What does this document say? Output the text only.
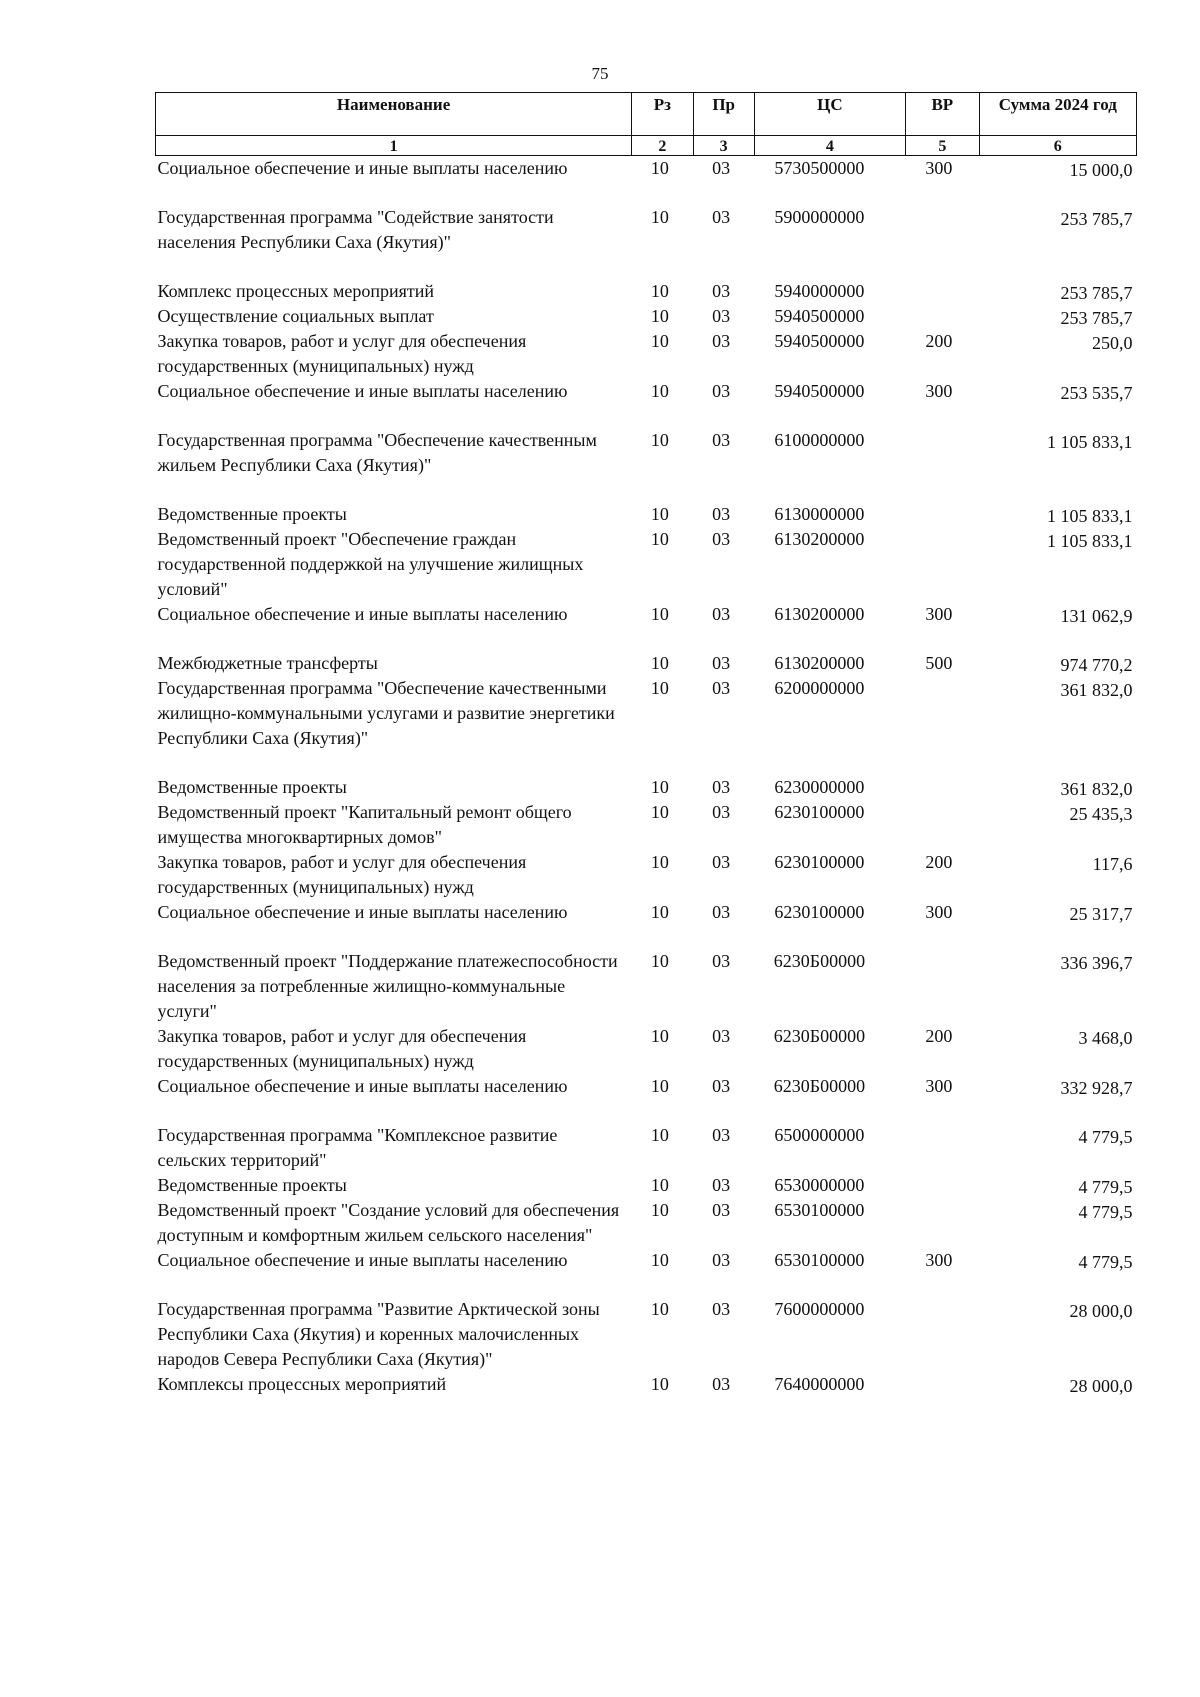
75
Наименование	Рз	Пр	ЦС	ВР	Сумма 2024 год
1	2	3	4	5	6
Социальное обеспечение и иные выплаты населению	10	03	5730500000	300	15 000,0
Государственная программа "Содействие занятости населения Республики Саха (Якутия)"	10	03	5900000000		253 785,7
Комплекс процессных мероприятий	10	03	5940000000		253 785,7
Осуществление социальных выплат	10	03	5940500000		253 785,7
Закупка товаров, работ и услуг для обеспечения государственных (муниципальных) нужд	10	03	5940500000	200	250,0
Социальное обеспечение и иные выплаты населению	10	03	5940500000	300	253 535,7
Государственная программа "Обеспечение качественным жильем Республики Саха (Якутия)"	10	03	6100000000		1 105 833,1
Ведомственные проекты	10	03	6130000000		1 105 833,1
Ведомственный проект "Обеспечение граждан государственной поддержкой на улучшение жилищных условий"	10	03	6130200000		1 105 833,1
Социальное обеспечение и иные выплаты населению	10	03	6130200000	300	131 062,9
Межбюджетные трансферты	10	03	6130200000	500	974 770,2
Государственная программа "Обеспечение качественными жилищно-коммунальными услугами и развитие энергетики Республики Саха (Якутия)"	10	03	6200000000		361 832,0
Ведомственные проекты	10	03	6230000000		361 832,0
Ведомственный проект "Капитальный ремонт общего имущества многоквартирных домов"	10	03	6230100000		25 435,3
Закупка товаров, работ и услуг для обеспечения государственных (муниципальных) нужд	10	03	6230100000	200	117,6
Социальное обеспечение и иные выплаты населению	10	03	6230100000	300	25 317,7
Ведомственный проект "Поддержание платежеспособности населения за потребленные жилищно-коммунальные услуги"	10	03	6230Б00000		336 396,7
Закупка товаров, работ и услуг для обеспечения государственных (муниципальных) нужд	10	03	6230Б00000	200	3 468,0
Социальное обеспечение и иные выплаты населению	10	03	6230Б00000	300	332 928,7
Государственная программа "Комплексное развитие сельских территорий"	10	03	6500000000		4 779,5
Ведомственные проекты	10	03	6530000000		4 779,5
Ведомственный проект "Создание условий для обеспечения доступным и комфортным жильем сельского населения"	10	03	6530100000		4 779,5
Социальное обеспечение и иные выплаты населению	10	03	6530100000	300	4 779,5
Государственная программа "Развитие Арктической зоны Республики Саха (Якутия) и коренных малочисленных народов Севера Республики Саха (Якутия)"	10	03	7600000000		28 000,0
Комплексы процессных мероприятий	10	03	7640000000		28 000,0
